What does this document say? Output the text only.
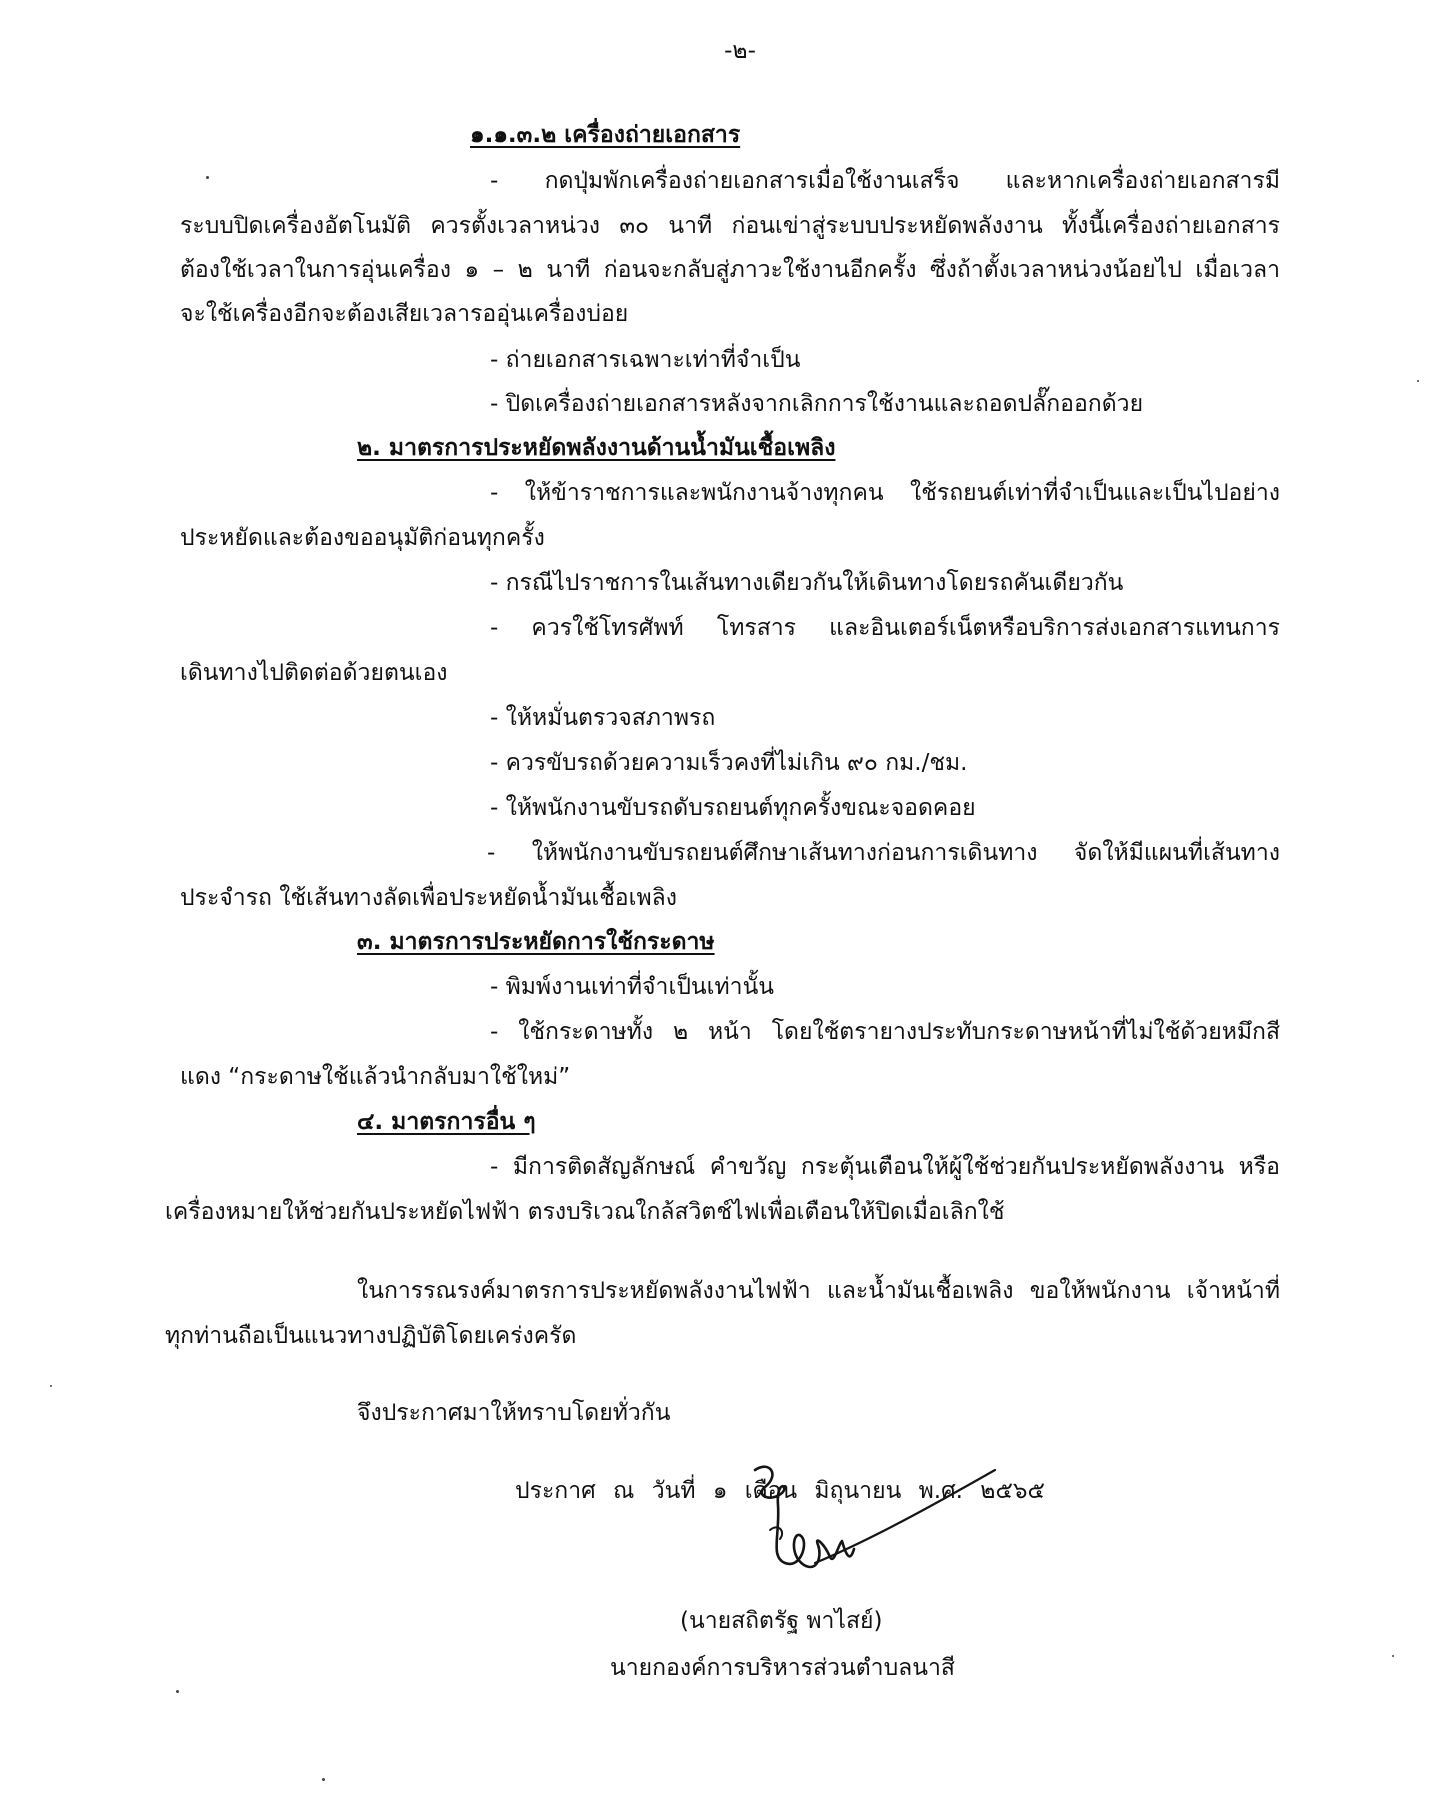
-๒-
๑.๑.๓.๒ เครื่องถ่ายเอกสาร
- กดปุ่มพักเครื่องถ่ายเอกสารเมื่อใช้งานเสร็จ และหากเครื่องถ่ายเอกสารมี
ระบบปิดเครื่องอัตโนมัติ ควรตั้งเวลาหน่วง ๓๐ นาที ก่อนเข่าสู่ระบบประหยัดพลังงาน ทั้งนี้เครื่องถ่ายเอกสาร
ต้องใช้เวลาในการอุ่นเครื่อง ๑ – ๒ นาที ก่อนจะกลับสู่ภาวะใช้งานอีกครั้ง ซึ่งถ้าตั้งเวลาหน่วงน้อยไป เมื่อเวลา
จะใช้เครื่องอีกจะต้องเสียเวลารออุ่นเครื่องบ่อย
- ถ่ายเอกสารเฉพาะเท่าที่จำเป็น
- ปิดเครื่องถ่ายเอกสารหลังจากเลิกการใช้งานและถอดปลั๊กออกด้วย
๒. มาตรการประหยัดพลังงานด้านน้ำมันเชื้อเพลิง
- ให้ข้าราชการและพนักงานจ้างทุกคน ใช้รถยนต์เท่าที่จำเป็นและเป็นไปอย่าง
ประหยัดและต้องขออนุมัติก่อนทุกครั้ง
- กรณีไปราชการในเส้นทางเดียวกันให้เดินทางโดยรถคันเดียวกัน
- ควรใช้โทรศัพท์ โทรสาร และอินเตอร์เน็ตหรือบริการส่งเอกสารแทนการ
เดินทางไปติดต่อด้วยตนเอง
- ให้หมั่นตรวจสภาพรถ
- ควรขับรถด้วยความเร็วคงที่ไม่เกิน ๙๐ กม./ชม.
- ให้พนักงานขับรถดับรถยนต์ทุกครั้งขณะจอดคอย
- ให้พนักงานขับรถยนต์ศึกษาเส้นทางก่อนการเดินทาง จัดให้มีแผนที่เส้นทาง
ประจำรถ ใช้เส้นทางลัดเพื่อประหยัดน้ำมันเชื้อเพลิง
๓. มาตรการประหยัดการใช้กระดาษ
- พิมพ์งานเท่าที่จำเป็นเท่านั้น
- ใช้กระดาษทั้ง ๒ หน้า โดยใช้ตรายางประทับกระดาษหน้าที่ไม่ใช้ด้วยหมึกสี
แดง “กระดาษใช้แล้วนำกลับมาใช้ใหม่”
๔. มาตรการอื่น ๆ
- มีการติดสัญลักษณ์ คำขวัญ กระตุ้นเตือนให้ผู้ใช้ช่วยกันประหยัดพลังงาน หรือ
เครื่องหมายให้ช่วยกันประหยัดไฟฟ้า ตรงบริเวณใกล้สวิตช์ไฟเพื่อเตือนให้ปิดเมื่อเลิกใช้
ในการรณรงค์มาตรการประหยัดพลังงานไฟฟ้า และน้ำมันเชื้อเพลิง ขอให้พนักงาน เจ้าหน้าที่
ทุกท่านถือเป็นแนวทางปฏิบัติโดยเคร่งครัด
จึงประกาศมาให้ทราบโดยทั่วกัน
ประกาศ ณ วันที่ ๑ เดือน มิถุนายน พ.ศ. ๒๕๖๕
(นายสถิตรัฐ พาไสย์)
นายกองค์การบริหารส่วนตำบลนาสี
